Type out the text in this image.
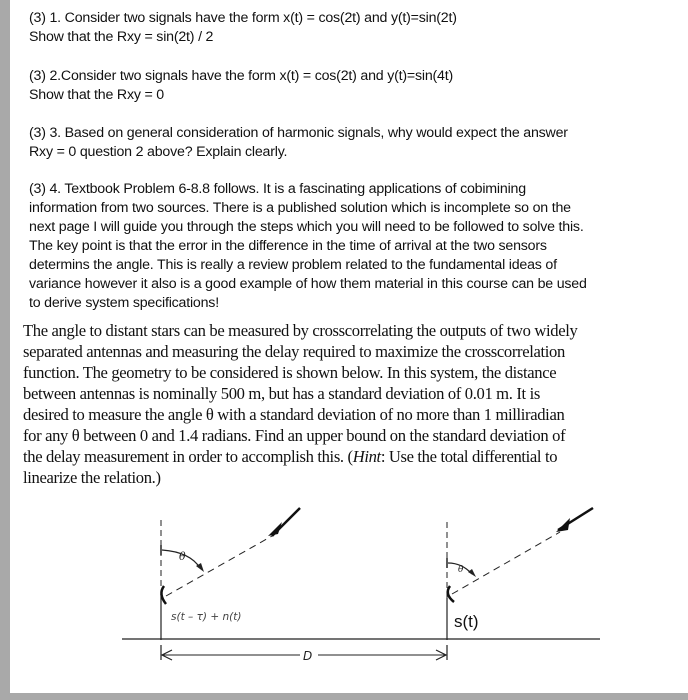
(3) 1. Consider two signals have the form x(t) = cos(2t) and y(t)=sin(2t)

Show that the Rxy = sin(2t) / 2

(3) 2.Consider two signals have the form x(t) = cos(2t) and y(t)=sin(4t)

Show that the Rxy = 0

(3) 3. Based on general consideration of harmonic signals, why would expect the answer

Rxy = 0 question 2 above? Explain clearly.

(3) 4. Textbook Problem 6-8.8 follows. It is a fascinating applications of cobimining

information from two sources. There is a published solution which is incomplete so on the

next page I will guide you through the steps which you will need to be followed to solve this.

The key point is that the error in the difference in the time of arrival at the two sensors

determins the angle. This is really a review problem related to the fundamental ideas of

variance however it also is a good example of how them material in this course can be used

to derive system specifications!

The angle to distant stars can be measured by crosscorrelating the outputs of two widely

separated antennas and measuring the delay required to maximize the crosscorrelation

function. The geometry to be considered is shown below. In this system, the distance

between antennas is nominally 500 m, but has a standard deviation of 0.01 m. It is

desired to measure the angle θ with a standard deviation of no more than 1 milliradian

for any θ between 0 and 1.4 radians. Find an upper bound on the standard deviation of

the delay measurement in order to accomplish this. (Hint: Use the total differential to

linearize the relation.)

θ
s(t – τ) + n(t)
θ
s(t)
D
